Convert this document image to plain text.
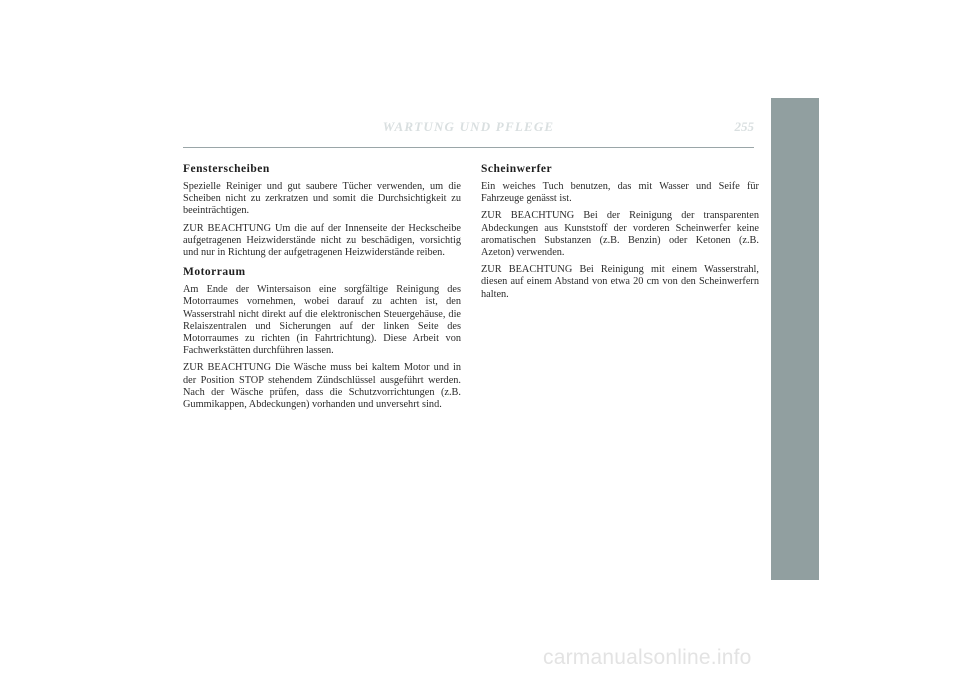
WARTUNG UND PFLEGE	255
Fensterscheiben

Spezielle Reiniger und gut saubere Tücher verwenden, um die Scheiben nicht zu zerkratzen und somit die Durchsichtigkeit zu beeinträchtigen.

ZUR BEACHTUNG Um die auf der Innenseite der Heckscheibe aufgetragenen Heizwiderstände nicht zu beschädigen, vorsichtig und nur in Richtung der aufgetragenen Heizwiderstände reiben.

Motorraum

Am Ende der Wintersaison eine sorgfältige Reinigung des Motorraumes vornehmen, wobei darauf zu achten ist, den Wasserstrahl nicht direkt auf die elektronischen Steuergehäuse, die Relaiszentralen und Sicherungen auf der linken Seite des Motorraumes zu richten (in Fahrtrichtung). Diese Arbeit von Fachwerkstätten durchführen lassen.

ZUR BEACHTUNG Die Wäsche muss bei kaltem Motor und in der Position STOP stehendem Zündschlüssel ausgeführt werden. Nach der Wäsche prüfen, dass die Schutzvorrichtungen (z.B. Gummikappen, Abdeckungen) vorhanden und unversehrt sind.

Scheinwerfer

Ein weiches Tuch benutzen, das mit Wasser und Seife für Fahrzeuge genässt ist.

ZUR BEACHTUNG Bei der Reinigung der transparenten Abdeckungen aus Kunststoff der vorderen Scheinwerfer keine aromatischen Substanzen (z.B. Benzin) oder Ketonen (z.B. Azeton) verwenden.

ZUR BEACHTUNG Bei Reinigung mit einem Wasserstrahl, diesen auf einem Abstand von etwa 20 cm von den Scheinwerfern halten.

carmanualsonline.info
